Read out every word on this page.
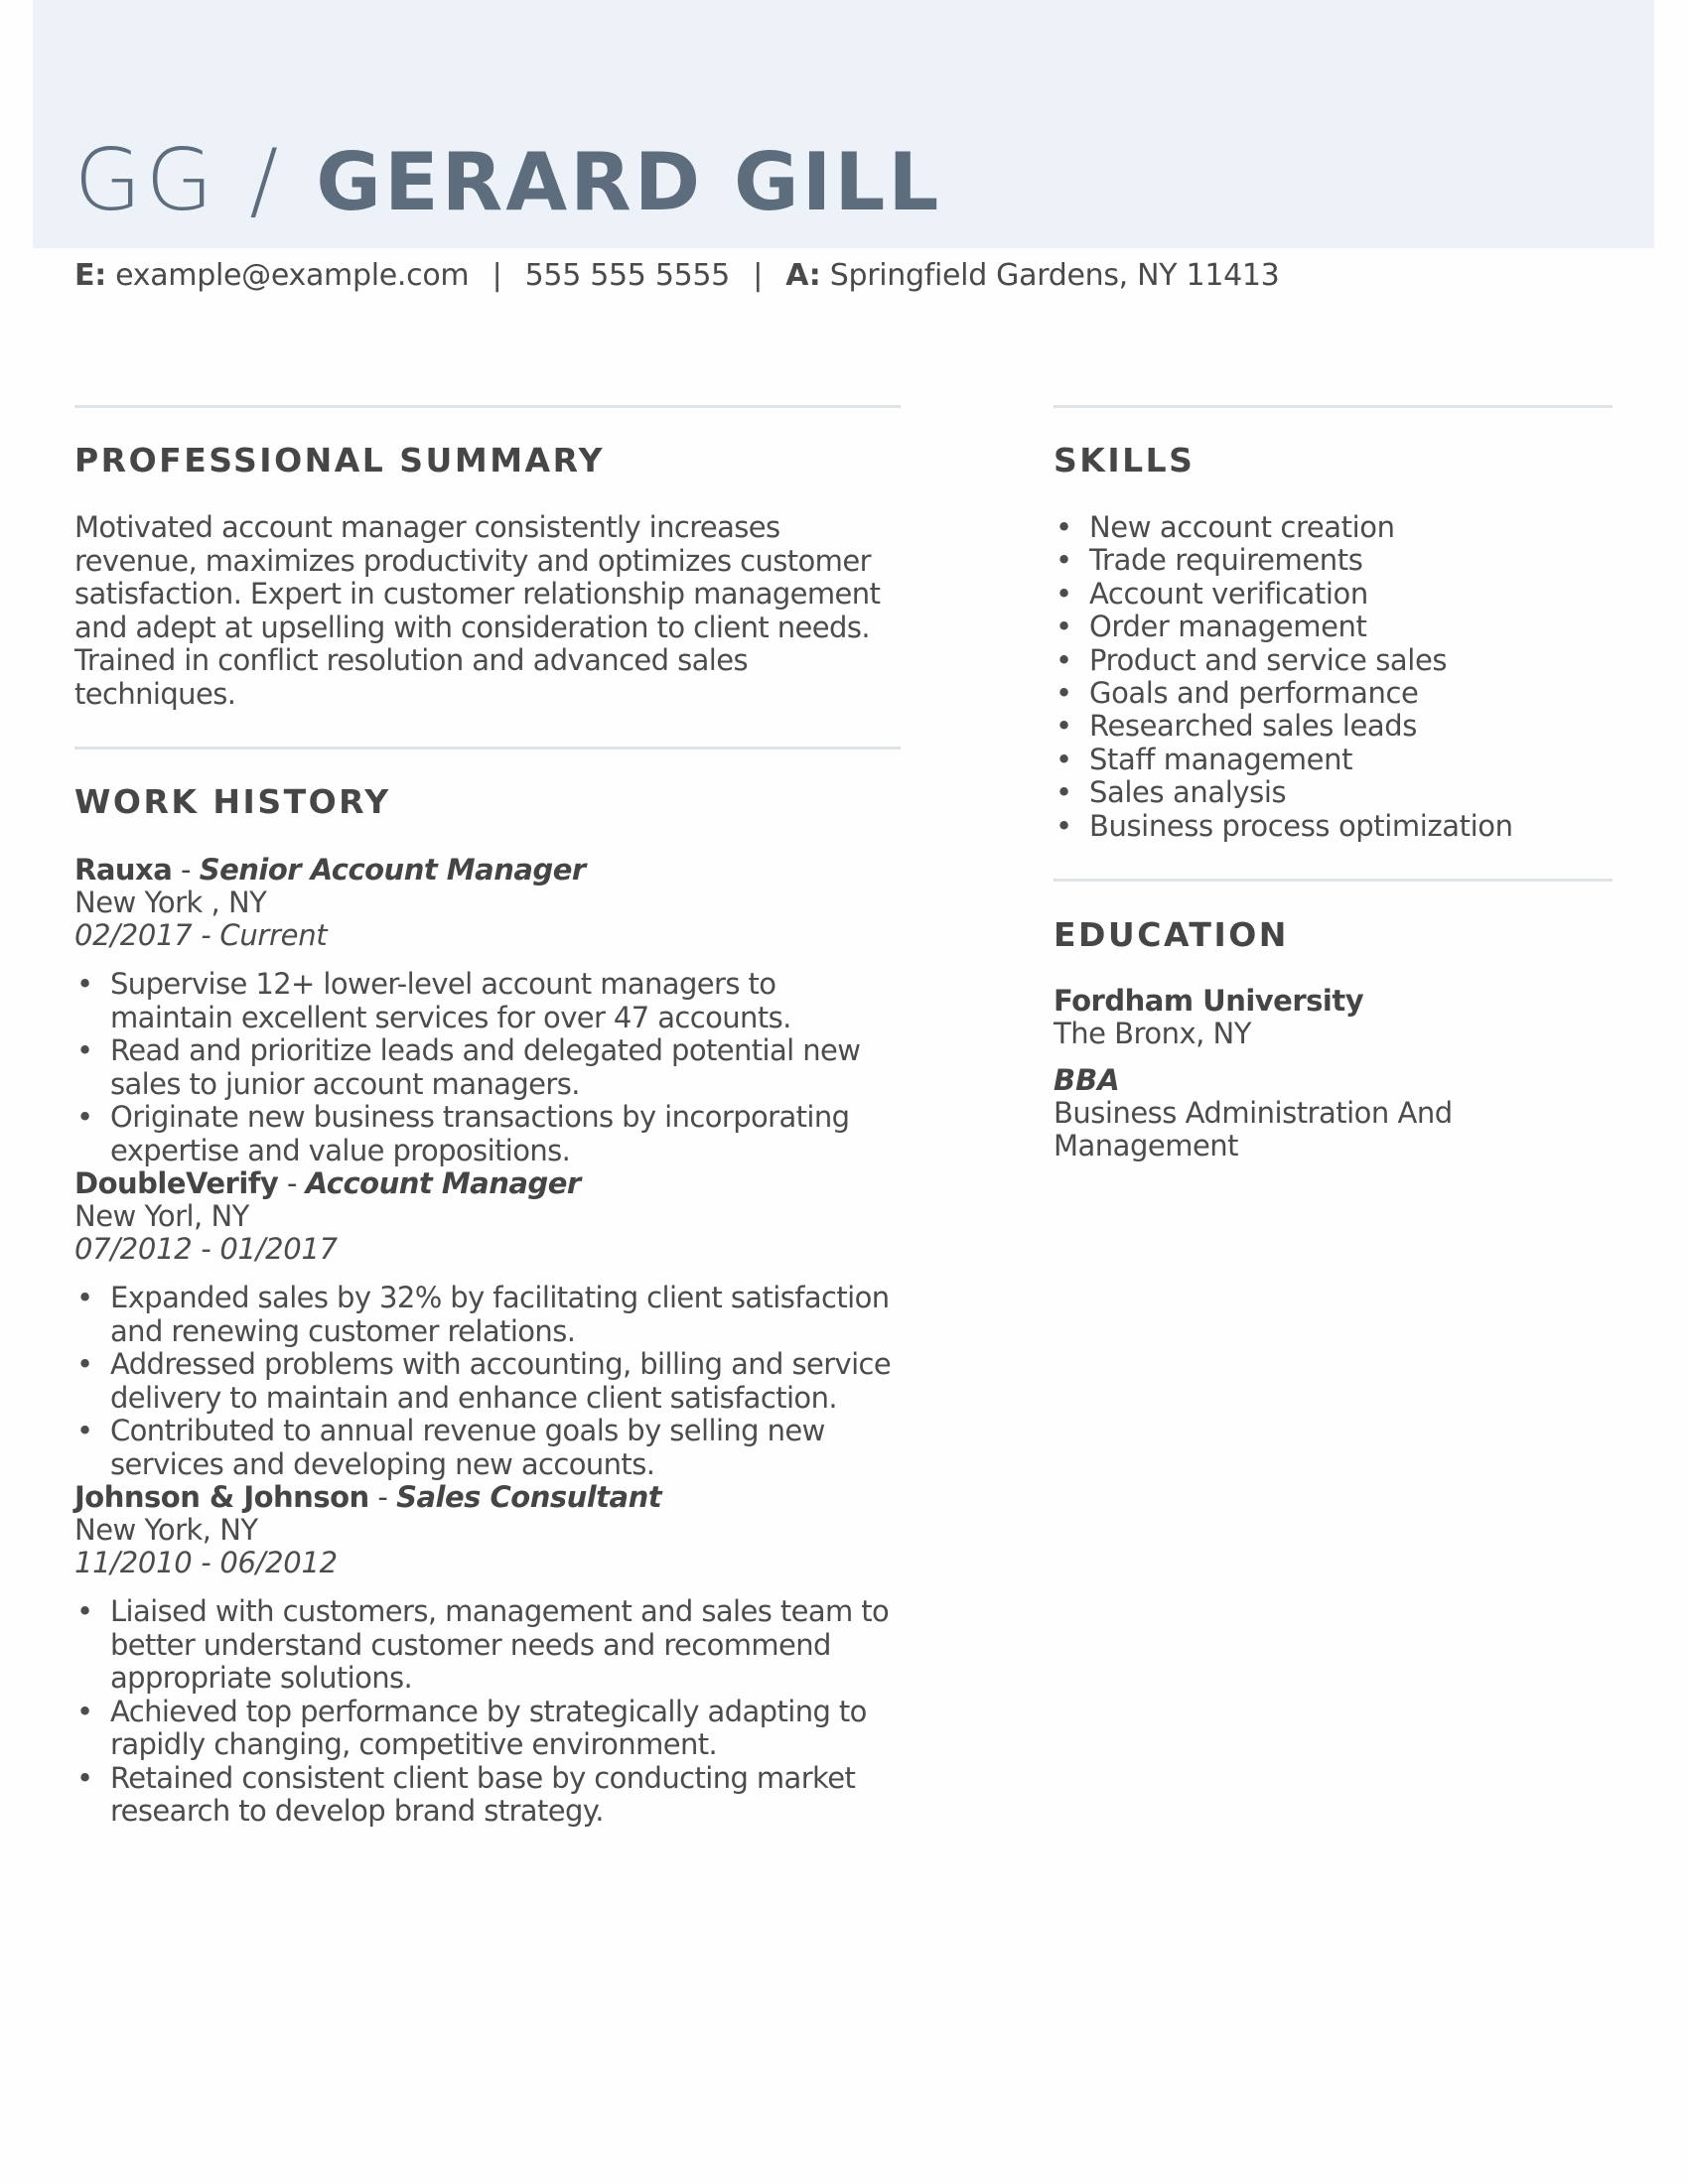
GG / GERARD GILL
E: example@example.com | 555 555 5555 | A: Springfield Gardens, NY 11413
PROFESSIONAL SUMMARY
Motivated account manager consistently increases revenue, maximizes productivity and optimizes customer satisfaction. Expert in customer relationship management and adept at upselling with consideration to client needs. Trained in conflict resolution and advanced sales techniques.
WORK HISTORY
Rauxa - Senior Account Manager
New York , NY
02/2017 - Current
• Supervise 12+ lower-level account managers to maintain excellent services for over 47 accounts.
• Read and prioritize leads and delegated potential new sales to junior account managers.
• Originate new business transactions by incorporating expertise and value propositions.
DoubleVerify - Account Manager
New Yorl, NY
07/2012 - 01/2017
• Expanded sales by 32% by facilitating client satisfaction and renewing customer relations.
• Addressed problems with accounting, billing and service delivery to maintain and enhance client satisfaction.
• Contributed to annual revenue goals by selling new services and developing new accounts.
Johnson & Johnson - Sales Consultant
New York, NY
11/2010 - 06/2012
• Liaised with customers, management and sales team to better understand customer needs and recommend appropriate solutions.
• Achieved top performance by strategically adapting to rapidly changing, competitive environment.
• Retained consistent client base by conducting market research to develop brand strategy.
SKILLS
• New account creation
• Trade requirements
• Account verification
• Order management
• Product and service sales
• Goals and performance
• Researched sales leads
• Staff management
• Sales analysis
• Business process optimization
EDUCATION
Fordham University
The Bronx, NY
BBA
Business Administration And Management
